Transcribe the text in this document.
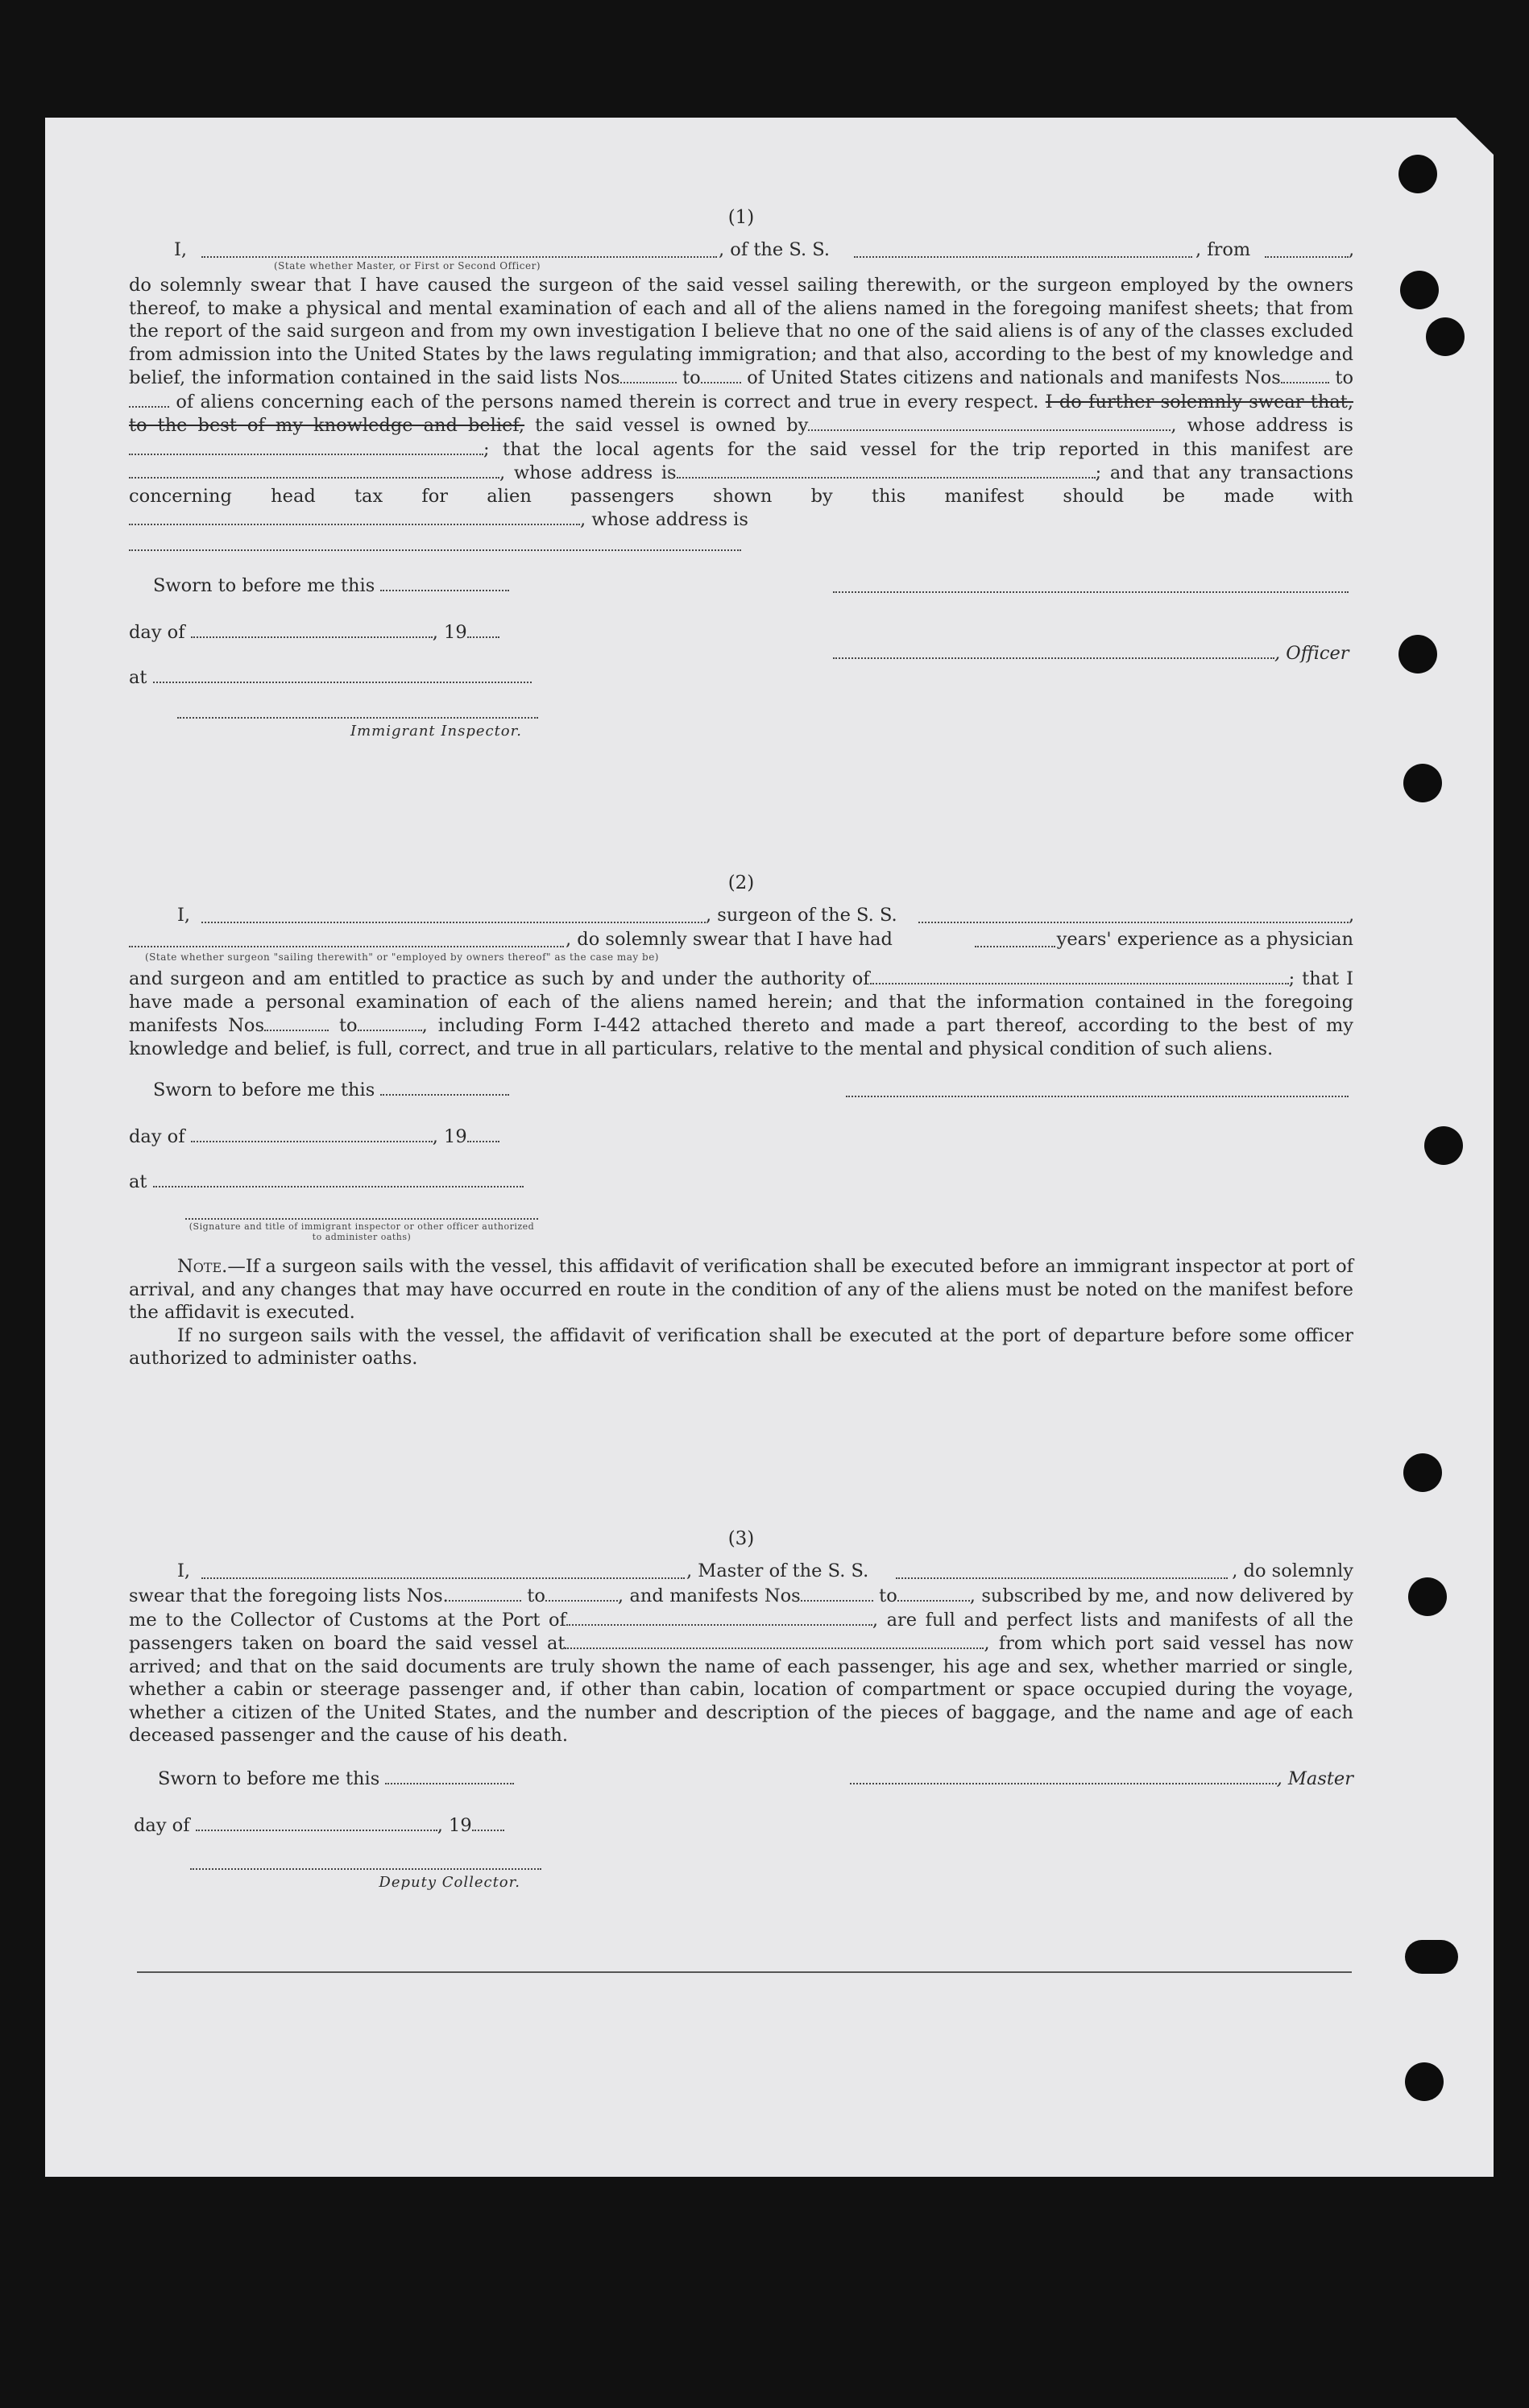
(1)
I,	, of the S. S.	, from	,
(State whether Master, or First or Second Officer)

do solemnly swear that I have caused the surgeon of the said vessel sailing therewith, or the surgeon employed by the owners thereof, to make a physical and mental examination of each and all of the aliens named in the foregoing manifest sheets; that from the report of the said surgeon and from my own investigation I believe that no one of the said aliens is of any of the classes excluded from admission into the United States by the laws regulating immigration; and that also, according to the best of my knowledge and belief, the information contained in the said lists Nos	to	of United States citizens and nationals and manifests Nos	to of aliens concerning each of the persons named therein is correct and true in every respect. I do further solemnly swear that, to the best of my knowledge and belief, the said vessel is owned by	, whose address is; that the local agents for the said vessel for the trip reported in this manifest are, whose address is	; and that any transactions concerning head tax for alien passengers shown by this manifest should be made with, whose address is

Sworn to before me this
day of	, 19
, Officer
at
Immigrant Inspector.
(2)
I,	, surgeon of the S. S.	,
, do solemnly swear that I have had	years' experience as a physician
(State whether surgeon "sailing therewith" or "employed by owners thereof" as the case may be)

and surgeon and am entitled to practice as such by and under the authority of	; that I have made a personal examination of each of the aliens named herein; and that the information contained in the foregoing manifests Nos	to	, including Form I-442 attached thereto and made a part thereof, according to the best of my knowledge and belief, is full, correct, and true in all particulars, relative to the mental and physical condition of such aliens.

Sworn to before me this
day of	, 19
at
(Signature and title of immigrant inspector or other officer authorized to administer oaths)

Note.—If a surgeon sails with the vessel, this affidavit of verification shall be executed before an immigrant inspector at port of arrival, and any changes that may have occurred en route in the condition of any of the aliens must be noted on the manifest before the affidavit is executed.

If no surgeon sails with the vessel, the affidavit of verification shall be executed at the port of departure before some officer authorized to administer oaths.

(3)
I,	, Master of the S. S.	, do solemnly

swear that the foregoing lists Nos.	to	, and manifests Nos	to	, subscribed by me, and now delivered by me to the Collector of Customs at the Port of	, are full and perfect lists and manifests of all the passengers taken on board the said vessel at	, from which port said vessel has now arrived; and that on the said documents are truly shown the name of each passenger, his age and sex, whether married or single, whether a cabin or steerage passenger and, if other than cabin, location of compartment or space occupied during the voyage, whether a citizen of the United States, and the number and description of the pieces of baggage, and the name and age of each deceased passenger and the cause of his death.

Sworn to before me this	, Master
day of	, 19
Deputy Collector.
